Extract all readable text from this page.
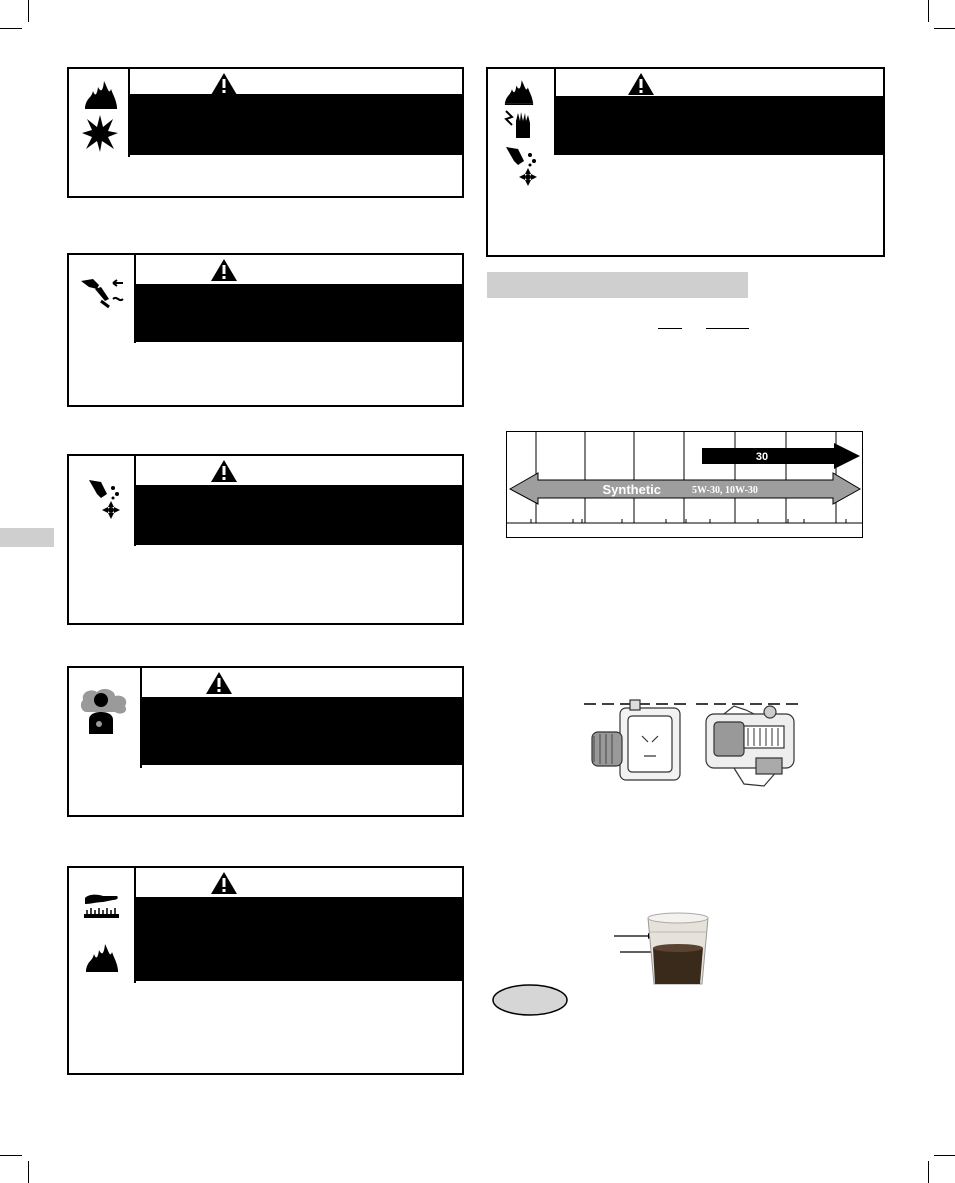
30
Synthetic	5W-30, 10W-30
